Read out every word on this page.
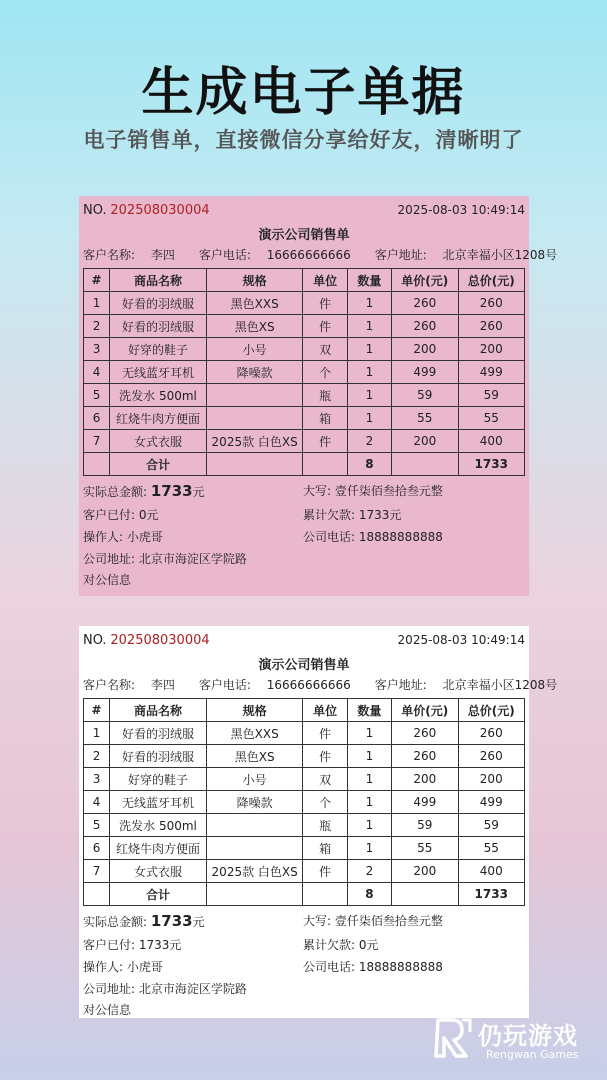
生成电子单据
电子销售单，直接微信分享给好友，清晰明了
NO. 202508030004	2025-08-03 10:49:14
演示公司销售单
客户名称: 李四 客户电话: 16666666666 客户地址: 北京幸福小区1208号
#	商品名称	规格	单位	数量	单价(元)	总价(元)
1	好看的羽绒服	黑色XXS	件	1	260	260
2	好看的羽绒服	黑色XS	件	1	260	260
3	好穿的鞋子	小号	双	1	200	200
4	无线蓝牙耳机	降噪款	个	1	499	499
5	洗发水 500ml		瓶	1	59	59
6	红烧牛肉方便面		箱	1	55	55
7	女式衣服	2025款 白色XS	件	2	200	400
	合计			8		1733
实际总金额: 1733元	大写: 壹仟柒佰叁拾叁元整
客户已付: 0元	累计欠款: 1733元
操作人: 小虎哥	公司电话: 18888888888
公司地址: 北京市海淀区学院路
对公信息
NO. 202508030004	2025-08-03 10:49:14
演示公司销售单
客户名称: 李四 客户电话: 16666666666 客户地址: 北京幸福小区1208号
#	商品名称	规格	单位	数量	单价(元)	总价(元)
1	好看的羽绒服	黑色XXS	件	1	260	260
2	好看的羽绒服	黑色XS	件	1	260	260
3	好穿的鞋子	小号	双	1	200	200
4	无线蓝牙耳机	降噪款	个	1	499	499
5	洗发水 500ml		瓶	1	59	59
6	红烧牛肉方便面		箱	1	55	55
7	女式衣服	2025款 白色XS	件	2	200	400
	合计			8		1733
实际总金额: 1733元	大写: 壹仟柒佰叁拾叁元整
客户已付: 1733元	累计欠款: 0元
操作人: 小虎哥	公司电话: 18888888888
公司地址: 北京市海淀区学院路
对公信息
仍玩游戏
Rengwan Games
